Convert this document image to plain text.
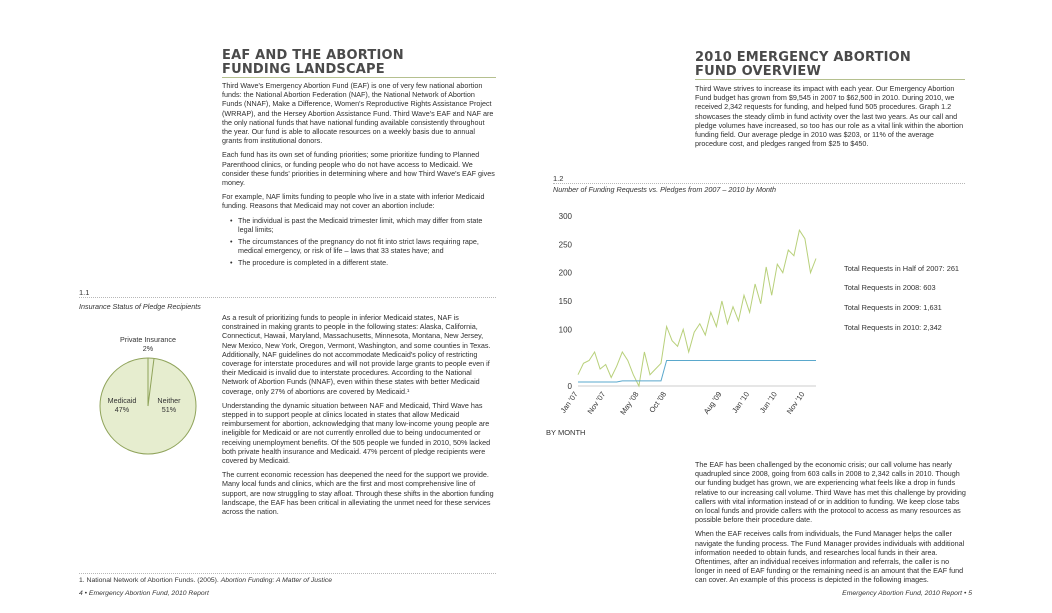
EAF AND THE ABORTION
FUNDING LANDSCAPE

Third Wave's Emergency Abortion Fund (EAF) is one of very few national abortion funds: the National Abortion Federation (NAF), the National Network of Abortion Funds (NNAF), Make a Difference, Women's Reproductive Rights Assistance Project (WRRAP), and the Hersey Abortion Assistance Fund. Third Wave's EAF and NAF are the only national funds that have national funding available consistently throughout the year. Our fund is able to allocate resources on a weekly basis due to annual grants from institutional donors.

Each fund has its own set of funding priorities; some prioritize funding to Planned Parenthood clinics, or funding people who do not have access to Medicaid. We consider these funds' priorities in determining where and how Third Wave's EAF gives money.

For example, NAF limits funding to people who live in a state with inferior Medicaid funding. Reasons that Medicaid may not cover an abortion include:

• The individual is past the Medicaid trimester limit, which may differ from state legal limits;
• The circumstances of the pregnancy do not fit into strict laws requiring rape, medical emergency, or risk of life – laws that 33 states have; and
• The procedure is completed in a different state.
1.1
Insurance Status of Pledge Recipients
Private Insurance
2%
Medicaid
47%
Neither
51%

As a result of prioritizing funds to people in inferior Medicaid states, NAF is constrained in making grants to people in the following states: Alaska, California, Connecticut, Hawaii, Maryland, Massachusetts, Minnesota, Montana, New Jersey, New Mexico, New York, Oregon, Vermont, Washington, and some counties in Texas. Additionally, NAF guidelines do not accommodate Medicaid's policy of restricting coverage for interstate procedures and will not provide large grants to people even if their Medicaid is invalid due to interstate procedures. According to the National Network of Abortion Funds (NNAF), even within these states with better Medicaid coverage, only 27% of abortions are covered by Medicaid.¹

Understanding the dynamic situation between NAF and Medicaid, Third Wave has stepped in to support people at clinics located in states that allow Medicaid reimbursement for abortion, acknowledging that many low-income young people are ineligible for Medicaid or are not currently enrolled due to being undocumented or receiving unemployment benefits. Of the 505 people we funded in 2010, 50% lacked both private health insurance and Medicaid. 47% percent of pledge recipients were covered by Medicaid.

The current economic recession has deepened the need for the support we provide. Many local funds and clinics, which are the first and most comprehensive line of support, are now struggling to stay afloat. Through these shifts in the abortion funding landscape, the EAF has been critical in alleviating the unmet need for these services across the nation.

2010 EMERGENCY ABORTION
FUND OVERVIEW

Third Wave strives to increase its impact with each year. Our Emergency Abortion Fund budget has grown from $9,545 in 2007 to $62,500 in 2010. During 2010, we received 2,342 requests for funding, and helped fund 505 procedures. Graph 1.2 showcases the steady climb in fund activity over the last two years. As our call and pledge volumes have increased, so too has our role as a vital link within the abortion funding field. Our average pledge in 2010 was $203, or 11% of the average procedure cost, and pledges ranged from $25 to $450.

1.2
Number of Funding Requests vs. Pledges from 2007 – 2010 by Month
0
100
150
200
250
300
Jan '07 Nov '07 May '08 Oct '08	Aug '09 Jan '10 Jun '10 Nov '10
BY MONTH
Total Requests in Half of 2007: 261
Total Requests in 2008: 603
Total Requests in 2009: 1,631
Total Requests in 2010: 2,342

The EAF has been challenged by the economic crisis; our call volume has nearly quadrupled since 2008, going from 603 calls in 2008 to 2,342 calls in 2010. Though our funding budget has grown, we are experiencing what feels like a drop in funds relative to our increasing call volume. Third Wave has met this challenge by providing callers with vital information instead of or in addition to funding. We keep close tabs on local funds and provide callers with the protocol to access as many resources as possible before their procedure date.

When the EAF receives calls from individuals, the Fund Manager helps the caller navigate the funding process. The Fund Manager provides individuals with additional information needed to obtain funds, and researches local funds in their area. Oftentimes, after an individual receives information and referrals, the caller is no longer in need of EAF funding or the remaining need is an amount that the EAF fund can cover. An example of this process is depicted in the following images.

1. National Network of Abortion Funds. (2005). Abortion Funding: A Matter of Justice
4 • Emergency Abortion Fund, 2010 Report	Emergency Abortion Fund, 2010 Report • 5
